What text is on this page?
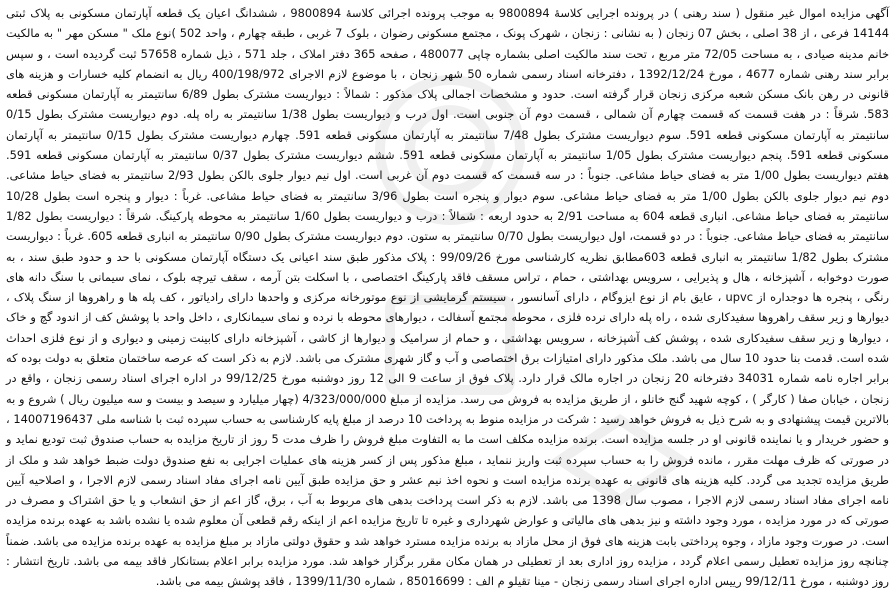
آگهی مزایده اموال غیر منقول ( سند رهنی ) در پرونده اجرایی کلاسهٔ 9800894 به موجب پرونده اجرائی کلاسهٔ 9800894 ، ششدانگ اعیان یک قطعه آپارتمان مسکونی به پلاک ثبتی 14144 فرعی ، از 38 اصلی ، بخش 07 زنجان ( به نشانی : زنجان ، شهرک پونک ، مجتمع مسکونی رضوان ، بلوک 7 غربی ، طبقه چهارم ، واحد 502 )نوع ملک " مسکن مهر " به مالکیت خانم مدینه صیادی ، به مساحت 72/05 متر مربع ، تحت سند مالکیت اصلی بشماره چاپی 480077 ، صفحه 365 دفتر املاک ، جلد 571 ، ذیل شماره 57658 ثبت گردیده است ، و سپس برابر سند رهنی شماره 4677 ، مورخ 1392/12/24 ، دفترخانه اسناد رسمی شماره 50 شهر زنجان ، با موضوع لازم الاجرای 400/198/972 ریال به انضمام کلیه خسارات و هزینه های قانونی در رهن بانک مسکن شعبه مرکزی زنجان قرار گرفته است. حدود و مشخصات اجمالی پلاک مذکور : شمالاً : دیواریست مشترک بطول 6/89 سانتیمتر به آپارتمان مسکونی قطعه 583. شرقاً : در هفت قسمت که قسمت چهارم آن شمالی ، قسمت دوم آن جنوبی است. اول درب و دیواریست بطول 1/38 سانتیمتر به راه پله. دوم دیواریست مشترک بطول 0/15 سانتیمتر به آپارتمان مسکونی قطعه 591. سوم دیواریست مشترک بطول 7/48 سانتیمتر به آپارتمان مسکونی قطعه 591. چهارم دیواریست مشترک بطول 0/15 سانتیمتر به آپارتمان مسکونی قطعه 591. پنجم دیواریست مشترک بطول 1/05 سانتیمتر به آپارتمان مسکونی قطعه 591. ششم دیواریست مشترک بطول 0/37 سانتیمتر به آپارتمان مسکونی قطعه 591. هفتم دیواریست بطول 1/00 متر به فضای حیاط مشاعی. جنوباً : در سه قسمت که قسمت دوم آن غربی است. اول نیم دیوار جلوی بالکن بطول 2/93 سانتیمتر به فضای حیاط مشاعی. دوم نیم دیوار جلوی بالکن بطول 1/00 متر به فضای حیاط مشاعی. سوم دیوار و پنجره است بطول 3/96 سانتیمتر به فضای حیاط مشاعی. غرباً : دیوار و پنجره است بطول 10/28 سانتیمتر به فضای حیاط مشاعی. انباری قطعه 604 به مساحت 2/91 به حدود اربعه : شمالاً : درب و دیواریست بطول 1/60 سانتیمتر به محوطه پارکینگ. شرقاً : دیواریست بطول 1/82 سانتیمتر به فضای حیاط مشاعی. جنوباً : در دو قسمت، اول دیواریست بطول 0/70 سانتیمتر به ستون. دوم دیواریست مشترک بطول 0/90 سانتیمتر به انباری قطعه 605. غرباً : دیواریست مشترک بطول 1/82 سانتیمتر به انباری قطعه 603مطابق نظریه کارشناسی مورخ 99/09/26 : پلاک مذکور طبق سند اعیانی یک دستگاه آپارتمان مسکونی با حد و حدود طبق سند ، به صورت دوخوابه ، آشپزخانه ، هال و پذیرایی ، سرویس بهداشتی ، حمام ، تراس مسقف فاقد پارکینگ اختصاصی ، با اسکلت بتن آرمه ، سقف تیرچه بلوک ، نمای سیمانی با سنگ دانه های رنگی ، پنجره ها دوجداره از upvc ، عایق بام از نوع ایزوگام ، دارای آسانسور ، سیستم گرمایشی از نوع موتورخانه مرکزی و واحدها دارای رادیاتور ، کف پله ها و راهروها از سنگ پلاک ، دیوارها و زیر سقف راهروها سفیدکاری شده ، راه پله دارای نرده فلزی ، محوطه مجتمع آسفالت ، دیوارهای محوطه با نرده و نمای سیمانکاری ، داخل واحد با پوشش کف از اندود گچ و خاک ، دیوارها و زیر سقف سفیدکاری شده ، پوشش کف آشپزخانه ، سرویس بهداشتی ، و حمام از سرامیک و دیوارها از کاشی ، آشپزخانه دارای کابینت زمینی و دیواری و از نوع فلزی احداث شده است. قدمت بنا حدود 10 سال می باشد. ملک مذکور دارای امتیازات برق اختصاصی و آب و گاز شهری مشترک می باشد. لازم به ذکر است که عرصه ساختمان متعلق به دولت بوده که برابر اجاره نامه شماره 34031 دفترخانه 20 زنجان در اجاره مالک قرار دارد. پلاک فوق از ساعت 9 الی 12 روز دوشنبه مورخ 99/12/25 در اداره اجرای اسناد رسمی زنجان ، واقع در زنجان ، خیابان صفا ( کارگر ) ، کوچه شهید گنج خانلو ، از طریق مزایده به فروش می رسد. مزایده از مبلغ 4/323/000/000 (چهار میلیارد و سیصد و بیست و سه میلیون ریال ) شروع و به بالاترین قیمت پیشنهادی و به شرح ذیل به فروش خواهد رسید : شرکت در مزایده منوط به پرداخت 10 درصد از مبلغ پایه کارشناسی به حساب سپرده ثبت با شناسه ملی 14007196437 ، و حضور خریدار و یا نماینده قانونی او در جلسه مزایده است. برنده مزایده مکلف است ما به التفاوت مبلغ فروش را ظرف مدت 5 روز از تاریخ مزایده به حساب صندوق ثبت تودیع نماید و در صورتی که ظرف مهلت مقرر ، مانده فروش را به حساب سپرده ثبت واریز ننماید ، مبلغ مذکور پس از کسر هزینه های عملیات اجرایی به نفع صندوق دولت ضبط خواهد شد و ملک از طریق مزایده تجدید می گردد. کلیه هزینه های قانونی به عهده برنده مزایده است و نحوه اخذ نیم عشر و حق مزایده طبق آیین نامه اجرای مفاد اسناد رسمی لازم الاجرا ، و اصلاحیه آیین نامه اجرای مفاد اسناد رسمی لازم الاجرا ، مصوب سال 1398 می باشد. لازم به ذکر است پرداخت بدهی های مربوط به آب ، برق، گاز اعم از حق انشعاب و یا حق اشتراک و مصرف در صورتی که در مورد مزایده ، مورد وجود داشته و نیز بدهی های مالیاتی و عوارض شهرداری و غیره تا تاریخ مزایده اعم از اینکه رقم قطعی آن معلوم شده یا نشده باشد به عهده برنده مزایده است. در صورت وجود مازاد ، وجوه پرداختی بابت هزینه های فوق از محل مازاد به برنده مزایده مسترد خواهد شد و حقوق دولتی مازاد بر مبلغ مزایده به عهده برنده مزایده می باشد. ضمناً چنانچه روز مزایده تعطیل رسمی اعلام گردد ، مزایده روز اداری بعد از تعطیلی در همان مکان مقرر برگزار خواهد شد. مورد مزایده برابر اعلام بستانکار فاقد بیمه می باشد. تاریخ انتشار : روز دوشنبه ، مورخ 99/12/11 رییس اداره اجرای اسناد رسمی زنجان - مینا تقیلو م الف : 85016699 ، شماره 1399/11/30 ، فاقد پوشش بیمه می باشد.
